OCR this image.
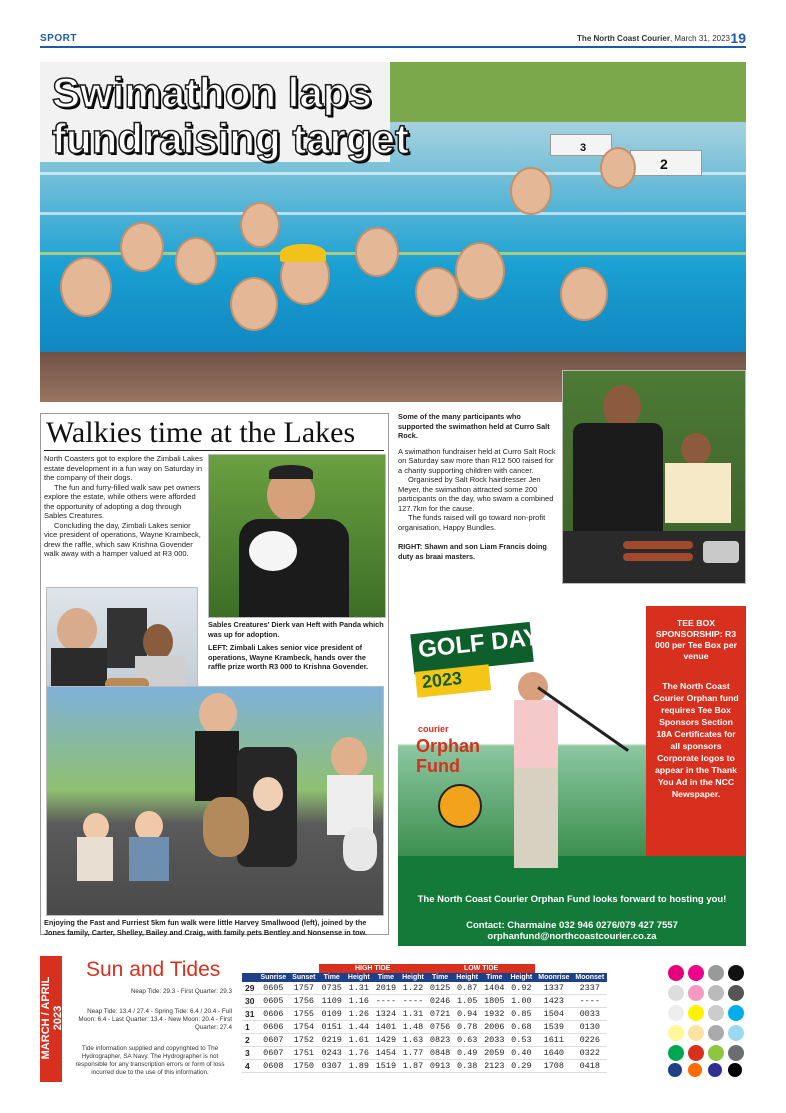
SPORT	The North Coast Courier, March 31, 2023 19
3
2
Swimathon laps fundraising target
Walkies time at the Lakes
North Coasters got to explore the Zimbali Lakes estate development in a fun way on Saturday in the company of their dogs.
The fun and furry-filled walk saw pet owners explore the estate, while others were afforded the opportunity of adopting a dog through Sables Creatures.
Concluding the day, Zimbali Lakes senior vice president of operations, Wayne Krambeck, drew the raffle, which saw Krishna Govender walk away with a hamper valued at R3 000.
Sables Creatures' Dierk van Heft with Panda which was up for adoption.
LEFT: Zimbali Lakes senior vice president of operations, Wayne Krambeck, hands over the raffle prize worth R3 000 to Krishna Govender.
Enjoying the Fast and Furriest 5km fun walk were little Harvey Smallwood (left), joined by the Jones family, Carter, Shelley, Bailey and Craig, with family pets Bentley and Nonsense in tow.
Some of the many participants who supported the swimathon held at Curro Salt Rock.
A swimathon fundraiser held at Curro Salt Rock on Saturday saw more than R12 500 raised for a charity supporting children with cancer.
Organised by Salt Rock hairdresser Jen Meyer, the swimathon attracted some 200 participants on the day, who swam a combined 127.7km for the cause.
The funds raised will go toward non-profit organisation, Happy Bundles.
RIGHT: Shawn and son Liam Francis doing duty as braai masters.
GOLF DAY
2023
courier
Orphan Fund
TEE BOX SPONSORSHIP: R3 000 per Tee Box per venue
The North Coast Courier Orphan fund requires Tee Box Sponsors Section 18A Certificates for all sponsors Corporate logos to appear in the Thank You Ad in the NCC Newspaper.
The North Coast Courier Orphan Fund looks forward to hosting you!
Contact: Charmaine 032 946 0276/079 427 7557
orphanfund@northcoastcourier.co.za
MARCH / APRIL 2023
Sun and Tides
Neap Tide: 29.3 - First Quarter: 29.3
Neap Tide: 13.4 / 27.4 - Spring Tide: 6.4 / 20.4 - Full Moon: 6.4 - Last Quarter: 13.4 - New Moon: 20.4 - First Quarter: 27.4
Tide information supplied and copyrighted to The Hydrographer, SA Navy. The Hydrographer is not responsible for any transcription errors or form of loss incurred due to the use of this information.
			HIGH TIDE				LOW TIDE					
	Sunrise	Sunset	Time	Height	Time	Height	Time	Height	Time	Height	Moonrise	Moonset
29	0605	1757	0735	1.31	2019	1.22	0125	0.87	1404	0.92	1337	2337
30	0605	1756	1109	1.16	----	----	0246	1.05	1805	1.00	1423	----
31	0606	1755	0109	1.26	1324	1.31	0721	0.94	1932	0.85	1504	0033
1	0606	1754	0151	1.44	1401	1.48	0756	0.78	2006	0.68	1539	0130
2	0607	1752	0219	1.61	1429	1.63	0823	0.63	2033	0.53	1611	0226
3	0607	1751	0243	1.76	1454	1.77	0848	0.49	2059	0.40	1640	0322
4	0608	1750	0307	1.89	1519	1.87	0913	0.38	2123	0.29	1708	0418
